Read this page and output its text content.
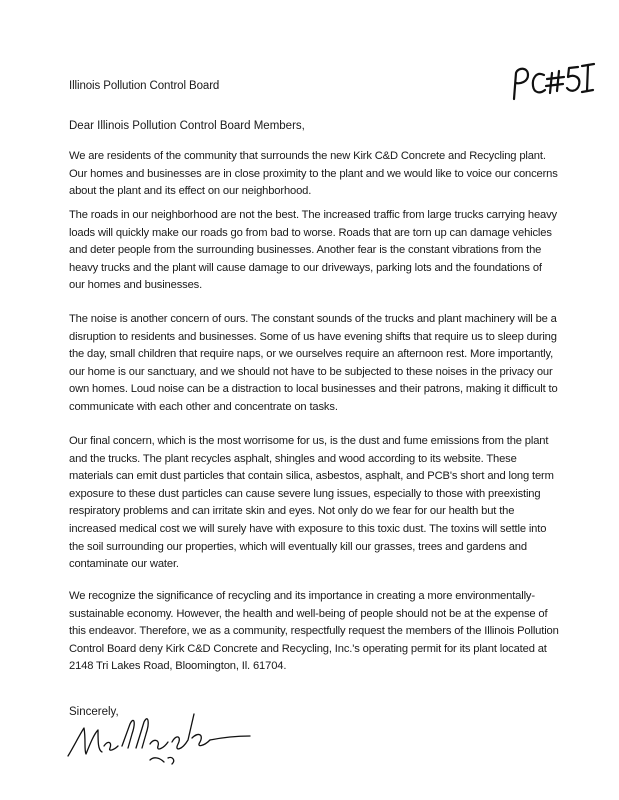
Illinois Pollution Control Board
Dear Illinois Pollution Control Board Members,

We are residents of the community that surrounds the new Kirk C&D Concrete and Recycling plant. Our homes and businesses are in close proximity to the plant and we would like to voice our concerns about the plant and its effect on our neighborhood.

The roads in our neighborhood are not the best. The increased traffic from large trucks carrying heavy loads will quickly make our roads go from bad to worse. Roads that are torn up can damage vehicles and deter people from the surrounding businesses. Another fear is the constant vibrations from the heavy trucks and the plant will cause damage to our driveways, parking lots and the foundations of our homes and businesses.

The noise is another concern of ours. The constant sounds of the trucks and plant machinery will be a disruption to residents and businesses. Some of us have evening shifts that require us to sleep during the day, small children that require naps, or we ourselves require an afternoon rest. More importantly, our home is our sanctuary, and we should not have to be subjected to these noises in the privacy our own homes. Loud noise can be a distraction to local businesses and their patrons, making it difficult to communicate with each other and concentrate on tasks.

Our final concern, which is the most worrisome for us, is the dust and fume emissions from the plant and the trucks. The plant recycles asphalt, shingles and wood according to its website. These materials can emit dust particles that contain silica, asbestos, asphalt, and PCB's short and long term exposure to these dust particles can cause severe lung issues, especially to those with preexisting respiratory problems and can irritate skin and eyes. Not only do we fear for our health but the increased medical cost we will surely have with exposure to this toxic dust. The toxins will settle into the soil surrounding our properties, which will eventually kill our grasses, trees and gardens and contaminate our water.

We recognize the significance of recycling and its importance in creating a more environmentally-sustainable economy. However, the health and well-being of people should not be at the expense of this endeavor. Therefore, we as a community, respectfully request the members of the Illinois Pollution Control Board deny Kirk C&D Concrete and Recycling, Inc.'s operating permit for its plant located at 2148 Tri Lakes Road, Bloomington, Il. 61704.

Sincerely,
